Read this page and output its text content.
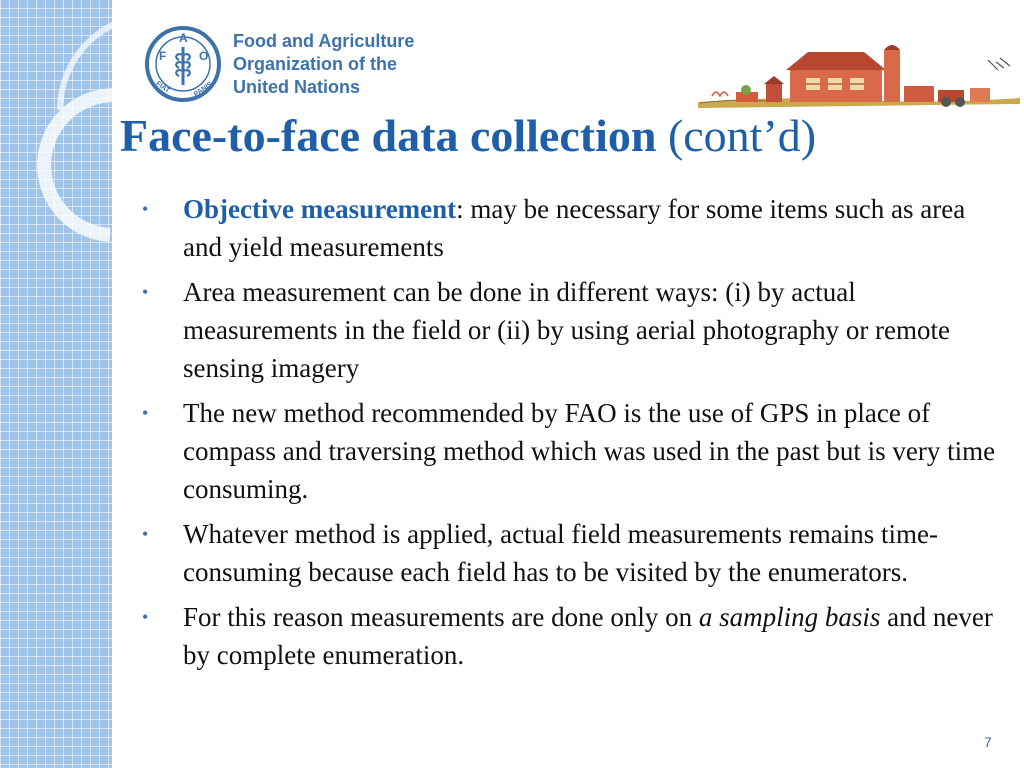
F
A
O
FIAT	PANIS
Food and Agriculture
Organization of the
United Nations
Face-to-face data collection (cont’d)
• Objective measurement: may be necessary for some items such as area and yield measurements
• Area measurement can be done in different ways: (i) by actual measurements in the field or (ii) by using aerial photography or remote sensing imagery
• The new method recommended by FAO is the use of GPS in place of compass and traversing method which was used in the past but is very time consuming.
• Whatever method is applied, actual field measurements remains time-consuming because each field has to be visited by the enumerators.
• For this reason measurements are done only on a sampling basis and never by complete enumeration.
7
